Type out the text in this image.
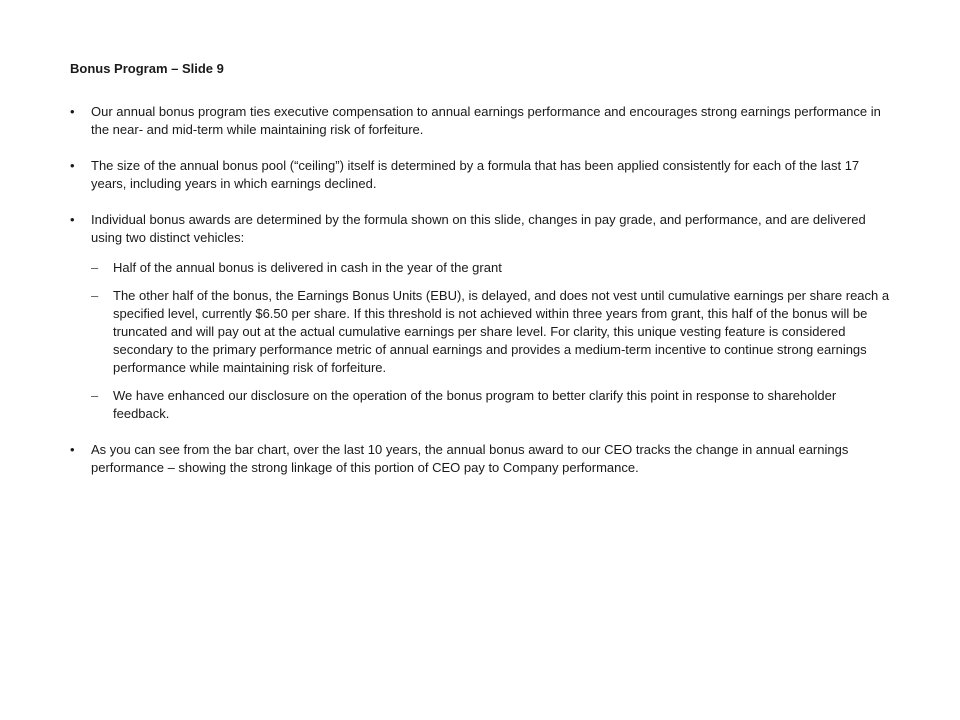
Bonus Program – Slide 9
•	Our annual bonus program ties executive compensation to annual earnings performance and encourages strong earnings performance in the near- and mid-term while maintaining risk of forfeiture.
•	The size of the annual bonus pool (“ceiling”) itself is determined by a formula that has been applied consistently for each of the last 17 years, including years in which earnings declined.
•	Individual bonus awards are determined by the formula shown on this slide, changes in pay grade, and performance, and are delivered using two distinct vehicles:
– Half of the annual bonus is delivered in cash in the year of the grant
– The other half of the bonus, the Earnings Bonus Units (EBU), is delayed, and does not vest until cumulative earnings per share reach a specified level, currently $6.50 per share. If this threshold is not achieved within three years from grant, this half of the bonus will be truncated and will pay out at the actual cumulative earnings per share level. For clarity, this unique vesting feature is considered secondary to the primary performance metric of annual earnings and provides a medium-term incentive to continue strong earnings performance while maintaining risk of forfeiture.
– We have enhanced our disclosure on the operation of the bonus program to better clarify this point in response to shareholder feedback.
•	As you can see from the bar chart, over the last 10 years, the annual bonus award to our CEO tracks the change in annual earnings performance – showing the strong linkage of this portion of CEO pay to Company performance.
